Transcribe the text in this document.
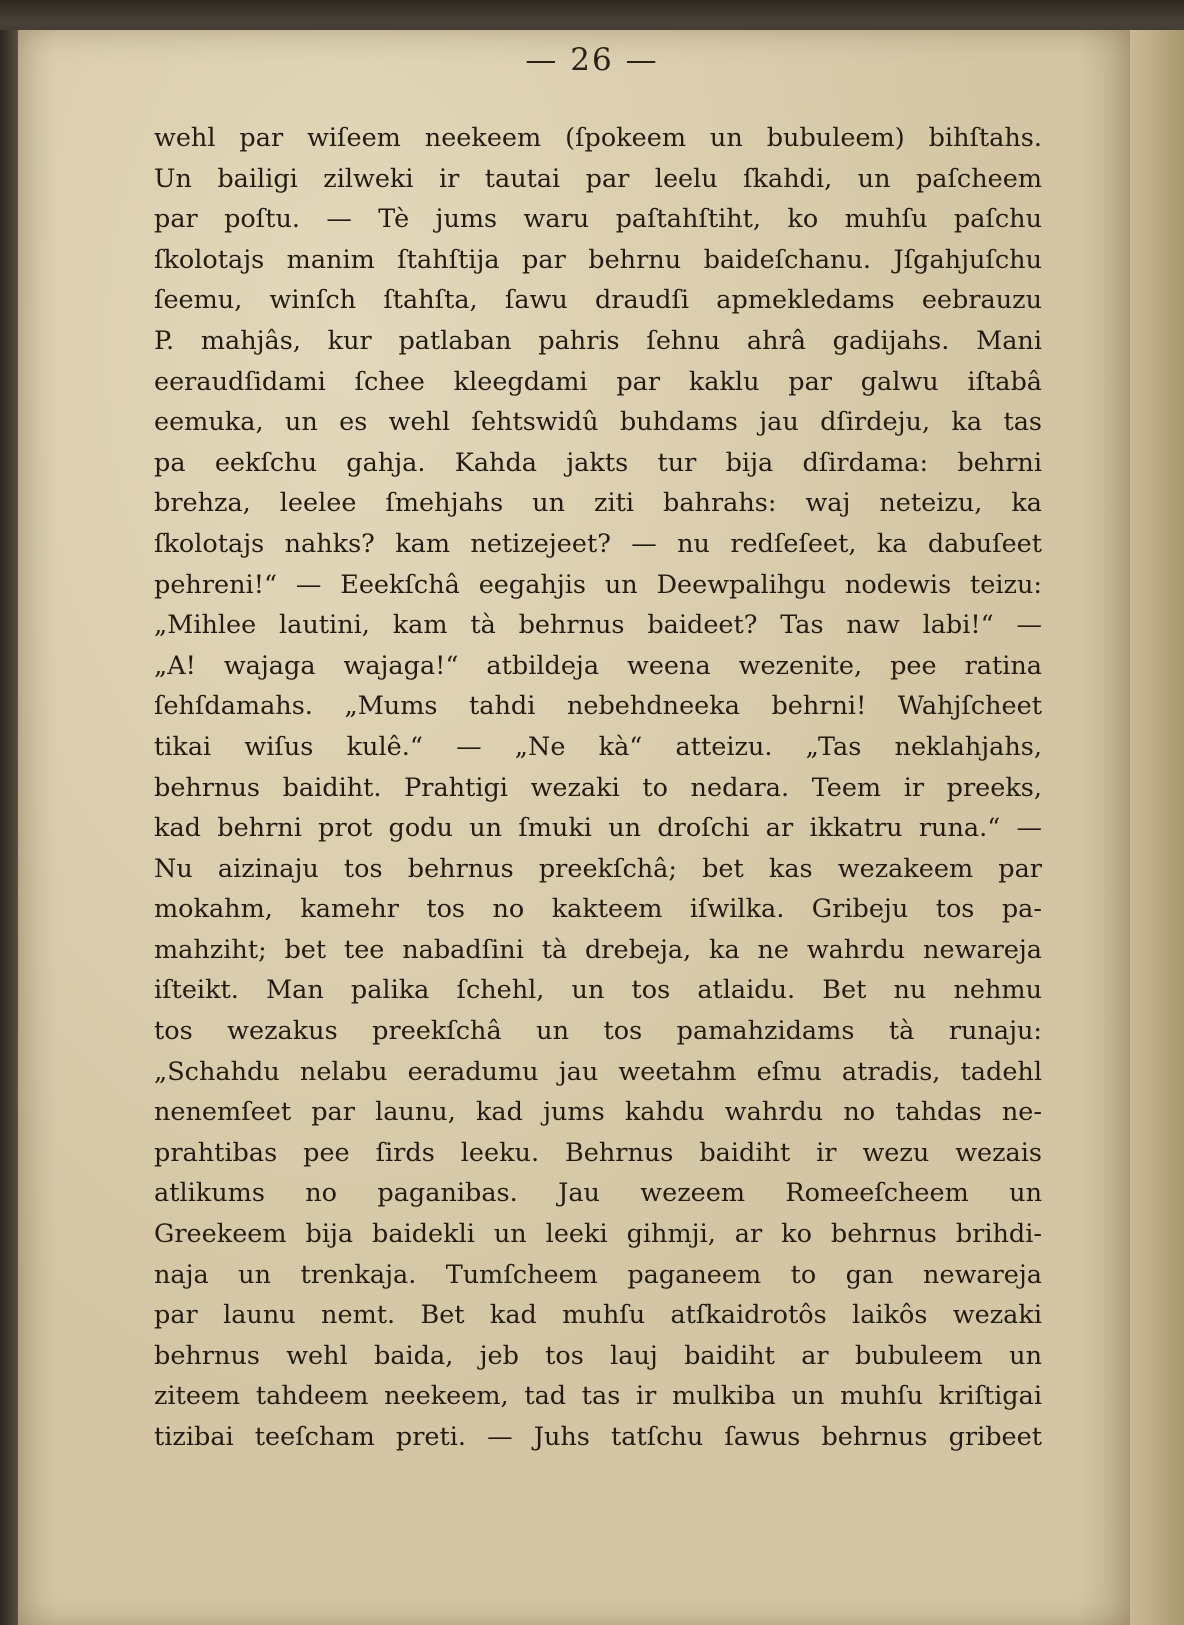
— 26 —
wehl par wiſeem neekeem (ſpokeem un bubuleem) bihſtahs.
Un bailigi zilweki ir tautai par leelu ſkahdi, un paſcheem
par poſtu. — Tè jums waru paſtahſtiht, ko muhſu paſchu
ſkolotajs manim ſtahſtija par behrnu baideſchanu. Jſgahjuſchu
ſeemu, winſch ſtahſta, ſawu draudſi apmekledams eebrauzu
P. mahjâs, kur patlaban pahris ſehnu ahrâ gadijahs. Mani
eeraudſidami ſchee kleegdami par kaklu par galwu iſtabâ
eemuka, un es wehl ſehtswidû buhdams jau dſirdeju, ka tas
pa eekſchu gahja. Kahda jakts tur bija dſirdama: behrni
brehza, leelee ſmehjahs un ziti bahrahs: waj neteizu, ka
ſkolotajs nahks? kam netizejeet? — nu redſeſeet, ka dabuſeet
pehreni!“ — Eeekſchâ eegahjis un Deewpalihgu nodewis teizu:
„Mihlee lautini, kam tà behrnus baideet? Tas naw labi!“ —
„A! wajaga wajaga!“ atbildeja weena wezenite, pee ratina
ſehſdamahs. „Mums tahdi nebehdneeka behrni! Wahjſcheet
tikai wiſus kulê.“ — „Ne kà“ atteizu. „Tas neklahjahs,
behrnus baidiht. Prahtigi wezaki to nedara. Teem ir preeks,
kad behrni prot godu un ſmuki un droſchi ar ikkatru runa.“ —
Nu aizinaju tos behrnus preekſchâ; bet kas wezakeem par
mokahm, kamehr tos no kakteem iſwilka. Gribeju tos pa-
mahziht; bet tee nabadſini tà drebeja, ka ne wahrdu newareja
iſteikt. Man palika ſchehl, un tos atlaidu. Bet nu nehmu
tos wezakus preekſchâ un tos pamahzidams tà runaju:
„Schahdu nelabu eeradumu jau weetahm eſmu atradis, tadehl
nenemſeet par launu, kad jums kahdu wahrdu no tahdas ne-
prahtibas pee ſirds leeku. Behrnus baidiht ir wezu wezais
atlikums no paganibas. Jau wezeem Romeeſcheem un
Greekeem bija baidekli un leeki gihmji, ar ko behrnus brihdi-
naja un trenkaja. Tumſcheem paganeem to gan newareja
par launu nemt. Bet kad muhſu atſkaidrotôs laikôs wezaki
behrnus wehl baida, jeb tos lauj baidiht ar bubuleem un
ziteem tahdeem neekeem, tad tas ir mulkiba un muhſu kriſtigai
tizibai teeſcham preti. — Juhs tatſchu ſawus behrnus gribeet
